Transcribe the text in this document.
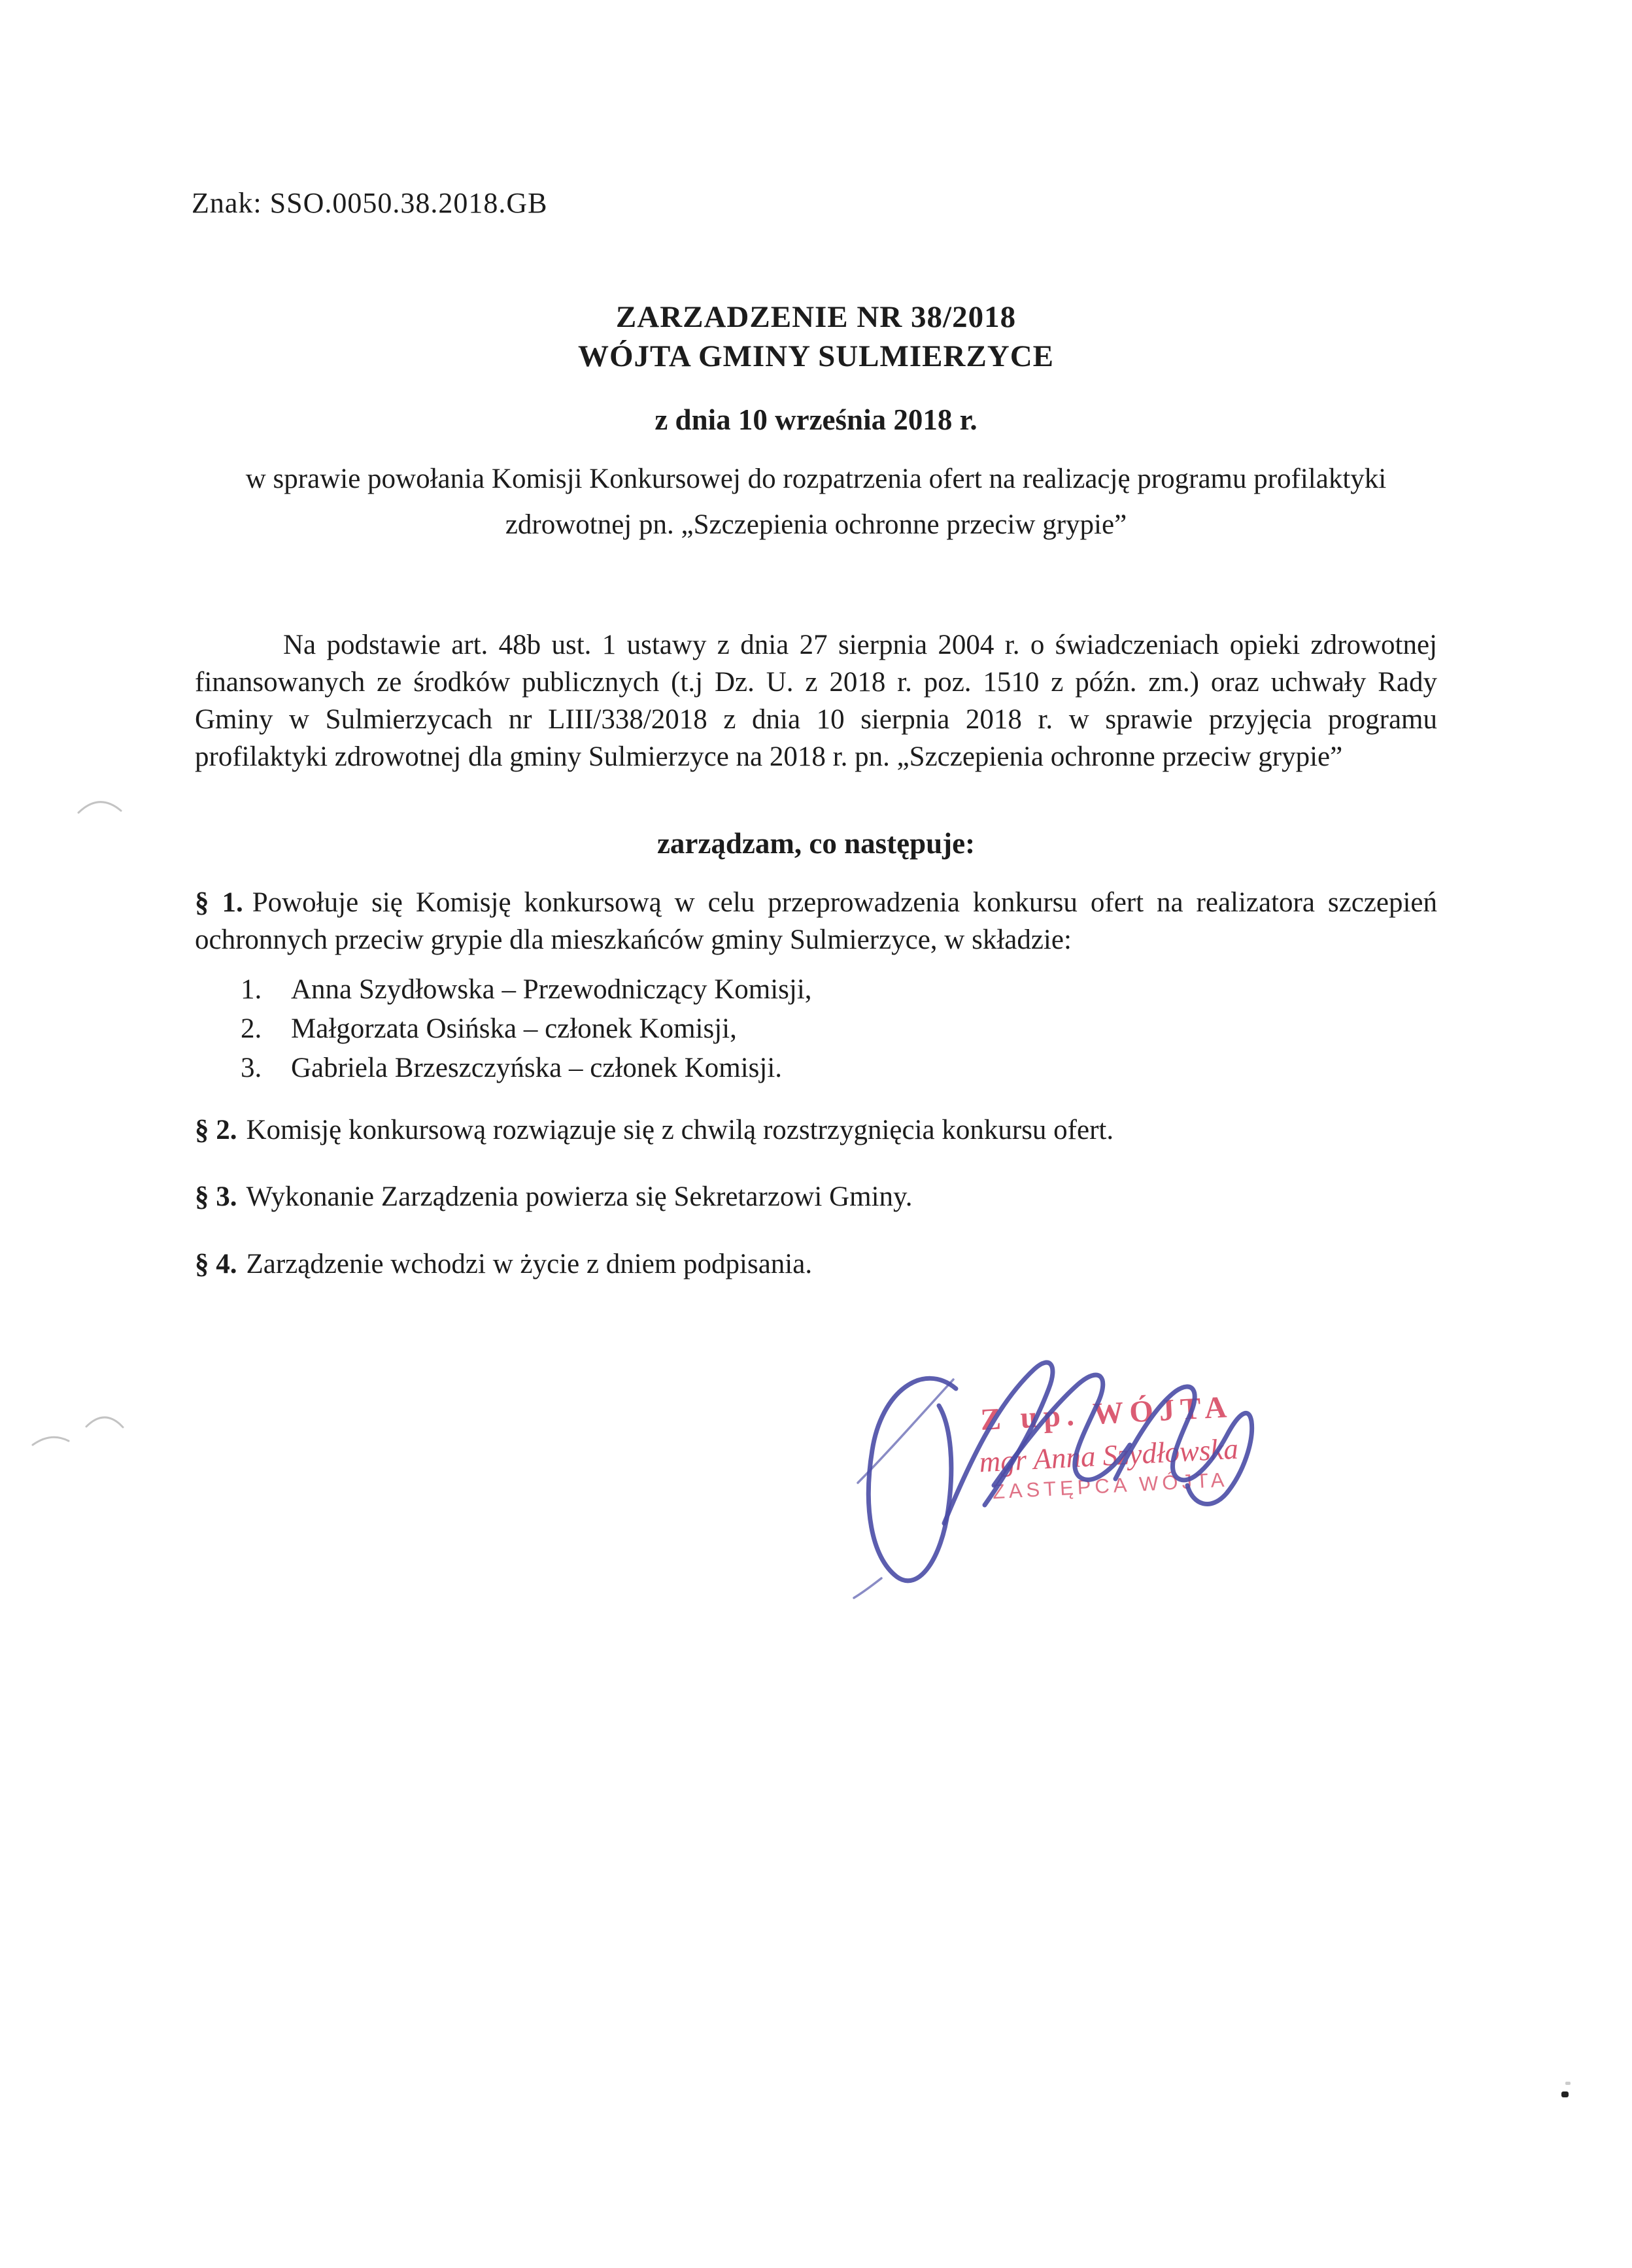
Znak: SSO.0050.38.2018.GB
ZARZADZENIE NR 38/2018
WÓJTA GMINY SULMIERZYCE
z dnia 10 września 2018 r.
w sprawie powołania Komisji Konkursowej do rozpatrzenia ofert na realizację programu profilaktyki
zdrowotnej pn. „Szczepienia ochronne przeciw grypie”

Na podstawie art. 48b ust. 1 ustawy z dnia 27 sierpnia 2004 r. o świadczeniach opieki zdrowotnej finansowanych ze środków publicznych (t.j Dz. U. z 2018 r. poz. 1510 z późn. zm.) oraz uchwały Rady Gminy w Sulmierzycach nr LIII/338/2018 z dnia 10 sierpnia 2018 r. w sprawie przyjęcia programu profilaktyki zdrowotnej dla gminy Sulmierzyce na 2018 r. pn. „Szczepienia ochronne przeciw grypie”

zarządzam, co następuje:

§ 1. Powołuje się Komisję konkursową w celu przeprowadzenia konkursu ofert na realizatora szczepień ochronnych przeciw grypie dla mieszkańców gminy Sulmierzyce, w składzie:

1.	Anna Szydłowska – Przewodniczący Komisji,
2.	Małgorzata Osińska – członek Komisji,
3.	Gabriela Brzeszczyńska – członek Komisji.

§ 2. Komisję konkursową rozwiązuje się z chwilą rozstrzygnięcia konkursu ofert.

§ 3. Wykonanie Zarządzenia powierza się Sekretarzowi Gminy.

§ 4. Zarządzenie wchodzi w życie z dniem podpisania.

Z up. WÓJTA
mgr Anna Szydłowska
ZASTĘPCA WÓJTA
